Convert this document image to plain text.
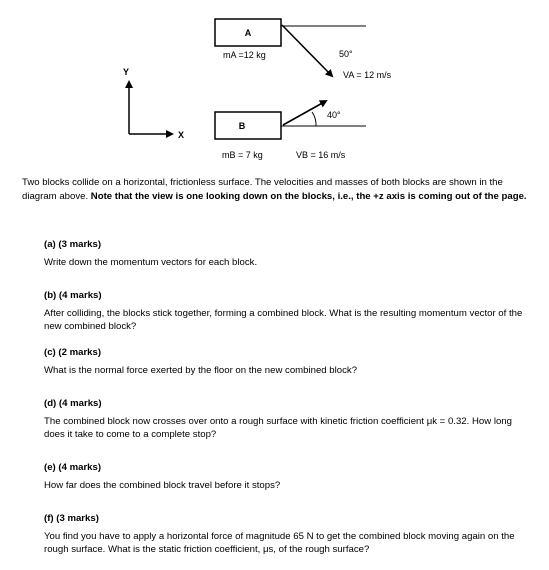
A
mA =12 kg	50°
VA = 12 m/s
Y
X
B
40°
mB = 7 kg	VB = 16 m/s
Two blocks collide on a horizontal, frictionless surface. The velocities and masses of both blocks are shown in the diagram above. Note that the view is one looking down on the blocks, i.e., the +z axis is coming out of the page.
(a) (3 marks)
Write down the momentum vectors for each block.
(b) (4 marks)
After colliding, the blocks stick together, forming a combined block. What is the resulting momentum vector of the new combined block?
(c) (2 marks)
What is the normal force exerted by the floor on the new combined block?
(d) (4 marks)
The combined block now crosses over onto a rough surface with kinetic friction coefficient μk = 0.32. How long does it take to come to a complete stop?
(e) (4 marks)
How far does the combined block travel before it stops?
(f) (3 marks)
You find you have to apply a horizontal force of magnitude 65 N to get the combined block moving again on the rough surface. What is the static friction coefficient, μs, of the rough surface?
